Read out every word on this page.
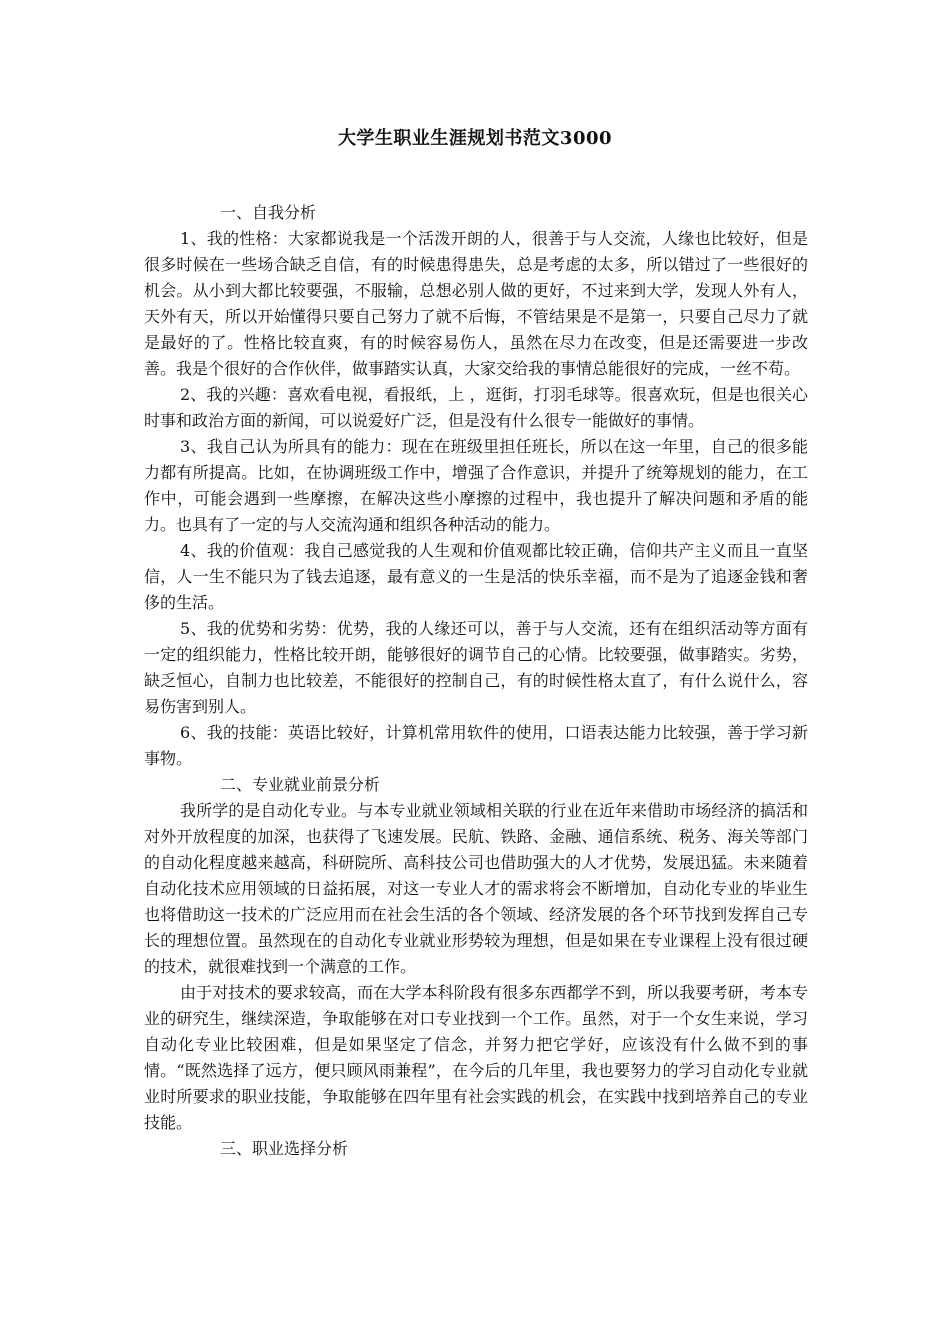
大学生职业生涯规划书范文3000

一、自我分析

1、我的性格：大家都说我是一个活泼开朗的人，很善于与人交流，人缘也比较好，但是很多时候在一些场合缺乏自信，有的时候患得患失，总是考虑的太多，所以错过了一些很好的机会。从小到大都比较要强，不服输，总想必别人做的更好，不过来到大学，发现人外有人，天外有天，所以开始懂得只要自己努力了就不后悔，不管结果是不是第一，只要自己尽力了就是最好的了。性格比较直爽，有的时候容易伤人，虽然在尽力在改变，但是还需要进一步改善。我是个很好的合作伙伴，做事踏实认真，大家交给我的事情总能很好的完成，一丝不苟。

2、我的兴趣：喜欢看电视，看报纸，上 ，逛街，打羽毛球等。很喜欢玩，但是也很关心时事和政治方面的新闻，可以说爱好广泛，但是没有什么很专一能做好的事情。

3、我自己认为所具有的能力：现在在班级里担任班长，所以在这一年里，自己的很多能力都有所提高。比如，在协调班级工作中，增强了合作意识，并提升了统筹规划的能力，在工作中，可能会遇到一些摩擦，在解决这些小摩擦的过程中，我也提升了解决问题和矛盾的能力。也具有了一定的与人交流沟通和组织各种活动的能力。

4、我的价值观：我自己感觉我的人生观和价值观都比较正确，信仰共产主义而且一直坚信，人一生不能只为了钱去追逐，最有意义的一生是活的快乐幸福，而不是为了追逐金钱和奢侈的生活。

5、我的优势和劣势：优势，我的人缘还可以，善于与人交流，还有在组织活动等方面有一定的组织能力，性格比较开朗，能够很好的调节自己的心情。比较要强，做事踏实。劣势，缺乏恒心，自制力也比较差，不能很好的控制自己，有的时候性格太直了，有什么说什么，容易伤害到别人。

6、我的技能：英语比较好，计算机常用软件的使用，口语表达能力比较强，善于学习新事物。

二、专业就业前景分析

我所学的是自动化专业。与本专业就业领域相关联的行业在近年来借助市场经济的搞活和对外开放程度的加深，也获得了飞速发展。民航、铁路、金融、通信系统、税务、海关等部门的自动化程度越来越高，科研院所、高科技公司也借助强大的人才优势，发展迅猛。未来随着自动化技术应用领域的日益拓展，对这一专业人才的需求将会不断增加，自动化专业的毕业生也将借助这一技术的广泛应用而在社会生活的各个领域、经济发展的各个环节找到发挥自己专长的理想位置。虽然现在的自动化专业就业形势较为理想，但是如果在专业课程上没有很过硬的技术，就很难找到一个满意的工作。

由于对技术的要求较高，而在大学本科阶段有很多东西都学不到，所以我要考研，考本专业的研究生，继续深造，争取能够在对口专业找到一个工作。虽然，对于一个女生来说，学习自动化专业比较困难，但是如果坚定了信念，并努力把它学好，应该没有什么做不到的事情。“既然选择了远方，便只顾风雨兼程”，在今后的几年里，我也要努力的学习自动化专业就业时所要求的职业技能，争取能够在四年里有社会实践的机会，在实践中找到培养自己的专业技能。

三、职业选择分析
